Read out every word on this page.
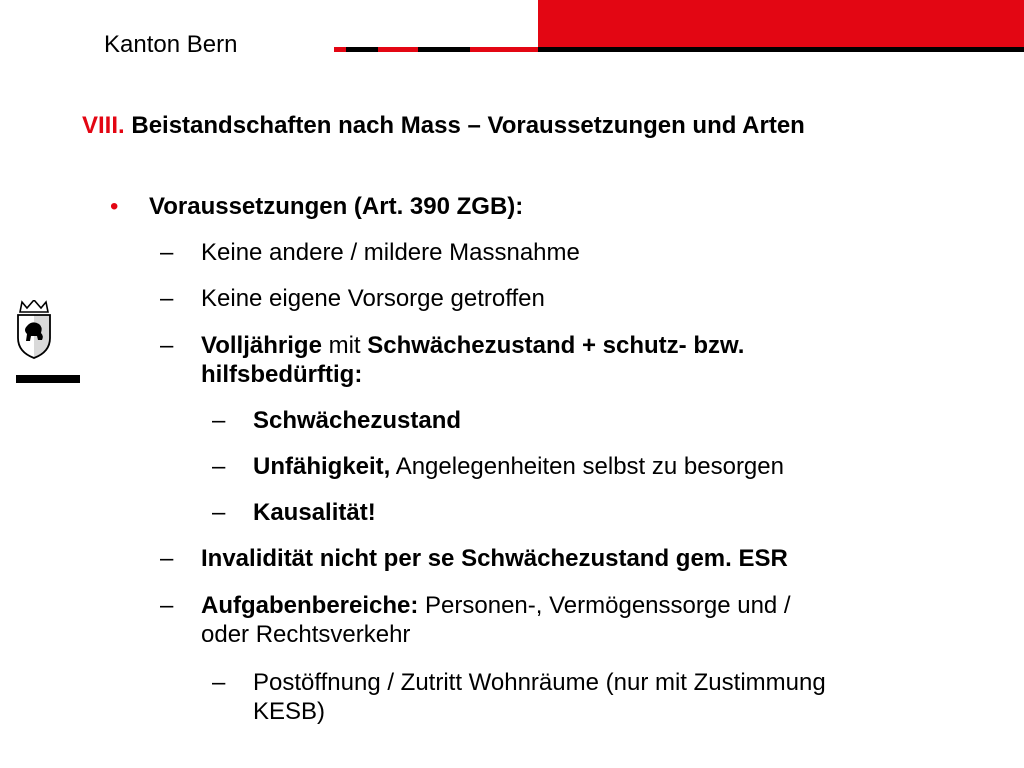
Kanton Bern
VIII. Beistandschaften nach Mass – Voraussetzungen und Arten
• Voraussetzungen (Art. 390 ZGB):
– Keine andere / mildere Massnahme
– Keine eigene Vorsorge getroffen
– Volljährige mit Schwächezustand + schutz- bzw.
hilfsbedürftig:
– Schwächezustand
– Unfähigkeit, Angelegenheiten selbst zu besorgen
– Kausalität!
– Invalidität nicht per se Schwächezustand gem. ESR
– Aufgabenbereiche: Personen-, Vermögenssorge und /
oder Rechtsverkehr
– Postöffnung / Zutritt Wohnräume (nur mit Zustimmung
KESB)
